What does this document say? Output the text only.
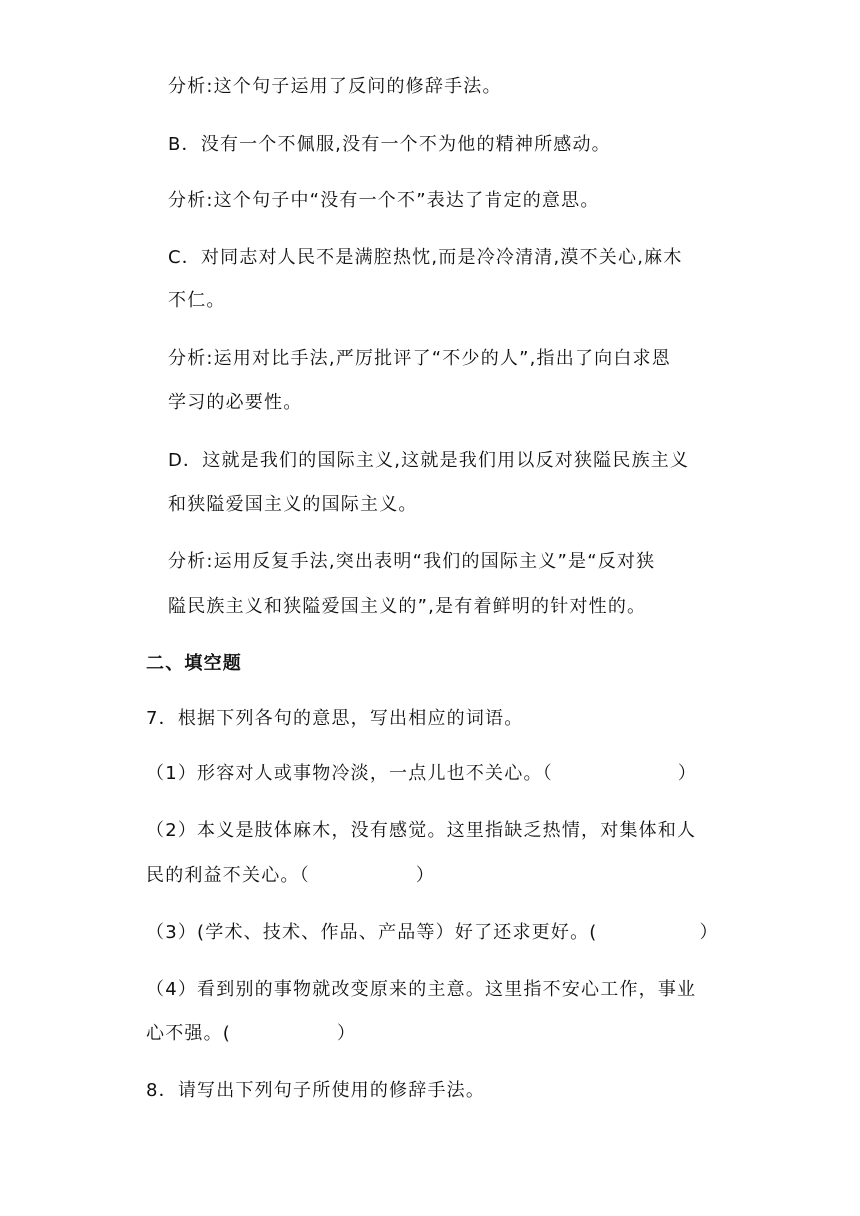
分析:这个句子运用了反问的修辞手法。
B．没有一个不佩服,没有一个不为他的精神所感动。
分析:这个句子中“没有一个不”表达了肯定的意思。
C．对同志对人民不是满腔热忱,而是冷冷清清,漠不关心,麻木
不仁。
分析:运用对比手法,严厉批评了“不少的人”,指出了向白求恩
学习的必要性。
D．这就是我们的国际主义,这就是我们用以反对狭隘民族主义
和狭隘爱国主义的国际主义。
分析:运用反复手法,突出表明“我们的国际主义”是“反对狭
隘民族主义和狭隘爱国主义的”,是有着鲜明的针对性的。
二、填空题
7．根据下列各句的意思，写出相应的词语。
（1）形容对人或事物冷淡，一点儿也不关心。（	）
（2）本义是肢体麻木，没有感觉。这里指缺乏热情，对集体和人
民的利益不关心。（	）
（3）(学术、技术、作品、产品等）好了还求更好。(	）
（4）看到别的事物就改变原来的主意。这里指不安心工作，事业
心不强。(	）
8．请写出下列句子所使用的修辞手法。
